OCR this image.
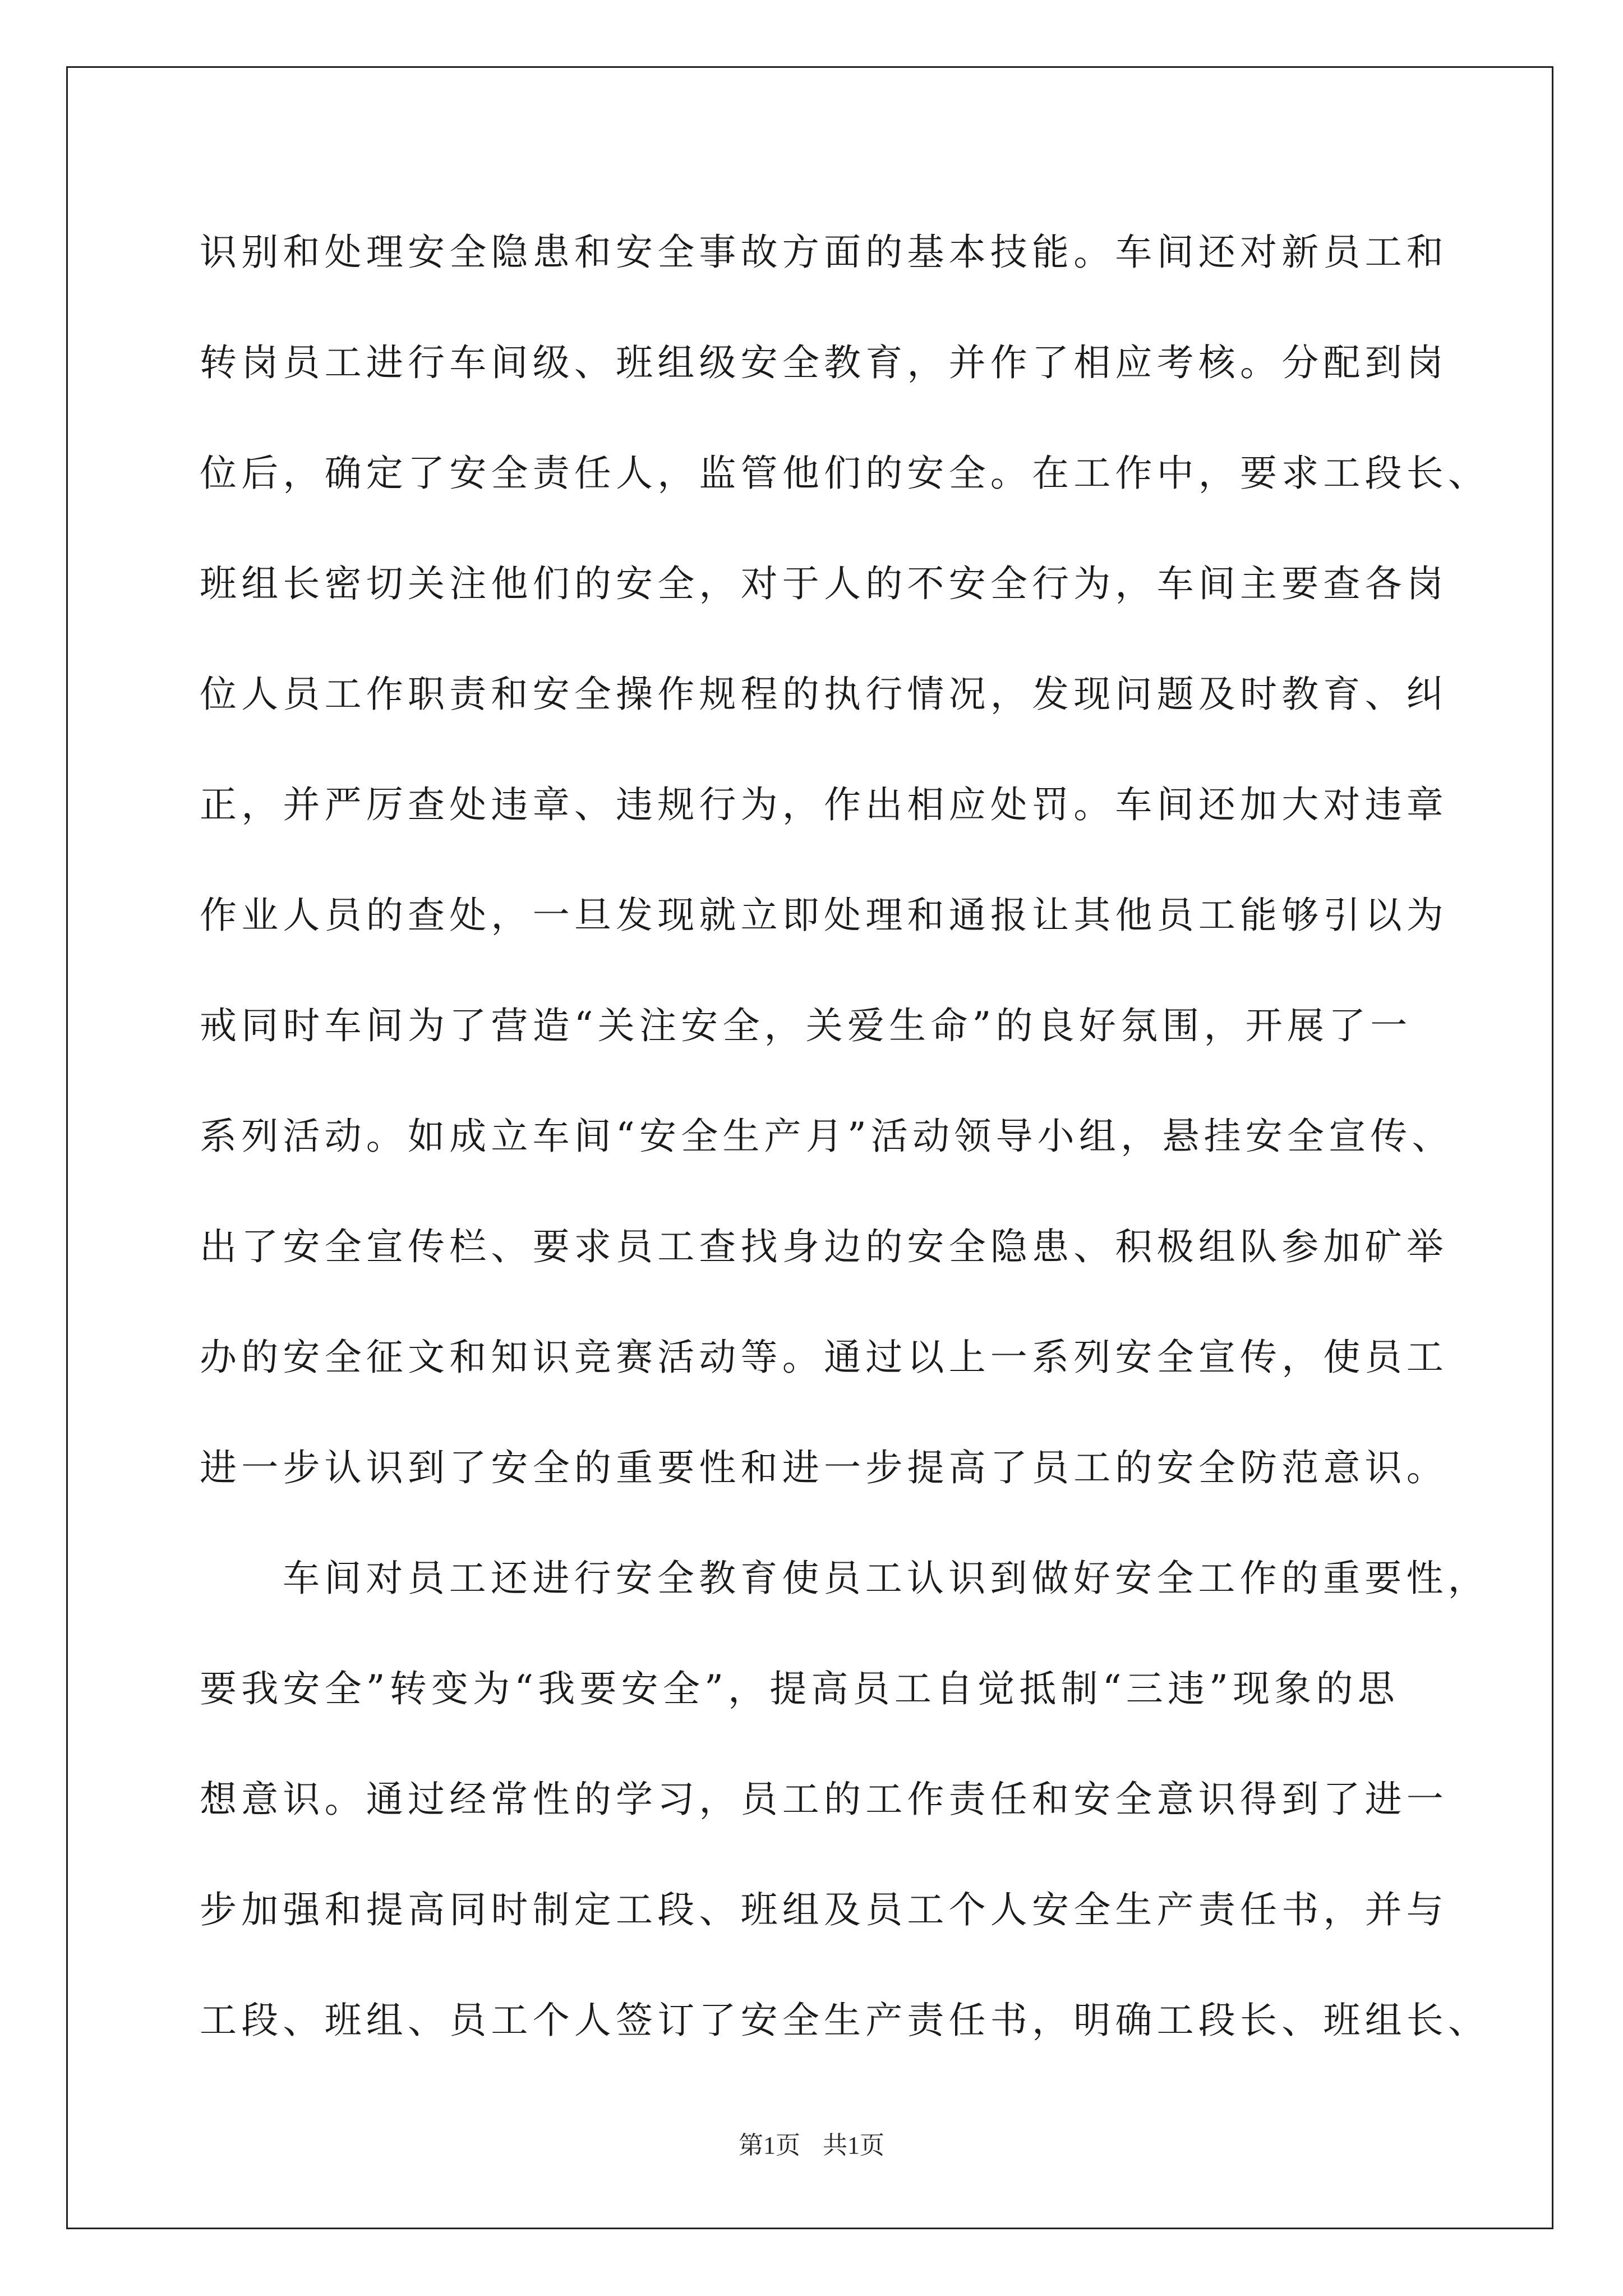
识别和处理安全隐患和安全事故方面的基本技能。车间还对新员工和
转岗员工进行车间级、班组级安全教育，并作了相应考核。分配到岗
位后，确定了安全责任人，监管他们的安全。在工作中，要求工段长、
班组长密切关注他们的安全，对于人的不安全行为，车间主要查各岗
位人员工作职责和安全操作规程的执行情况，发现问题及时教育、纠
正，并严厉查处违章、违规行为，作出相应处罚。车间还加大对违章
作业人员的查处，一旦发现就立即处理和通报让其他员工能够引以为
戒同时车间为了营造“关注安全，关爱生命”的良好氛围，开展了一
系列活动。如成立车间“安全生产月”活动领导小组，悬挂安全宣传、
出了安全宣传栏、要求员工查找身边的安全隐患、积极组队参加矿举
办的安全征文和知识竞赛活动等。通过以上一系列安全宣传，使员工
进一步认识到了安全的重要性和进一步提高了员工的安全防范意识。
车间对员工还进行安全教育使员工认识到做好安全工作的重要性，
要我安全”转变为“我要安全”，提高员工自觉抵制“三违”现象的思
想意识。通过经常性的学习，员工的工作责任和安全意识得到了进一
步加强和提高同时制定工段、班组及员工个人安全生产责任书，并与
工段、班组、员工个人签订了安全生产责任书，明确工段长、班组长、
第1页 共1页
